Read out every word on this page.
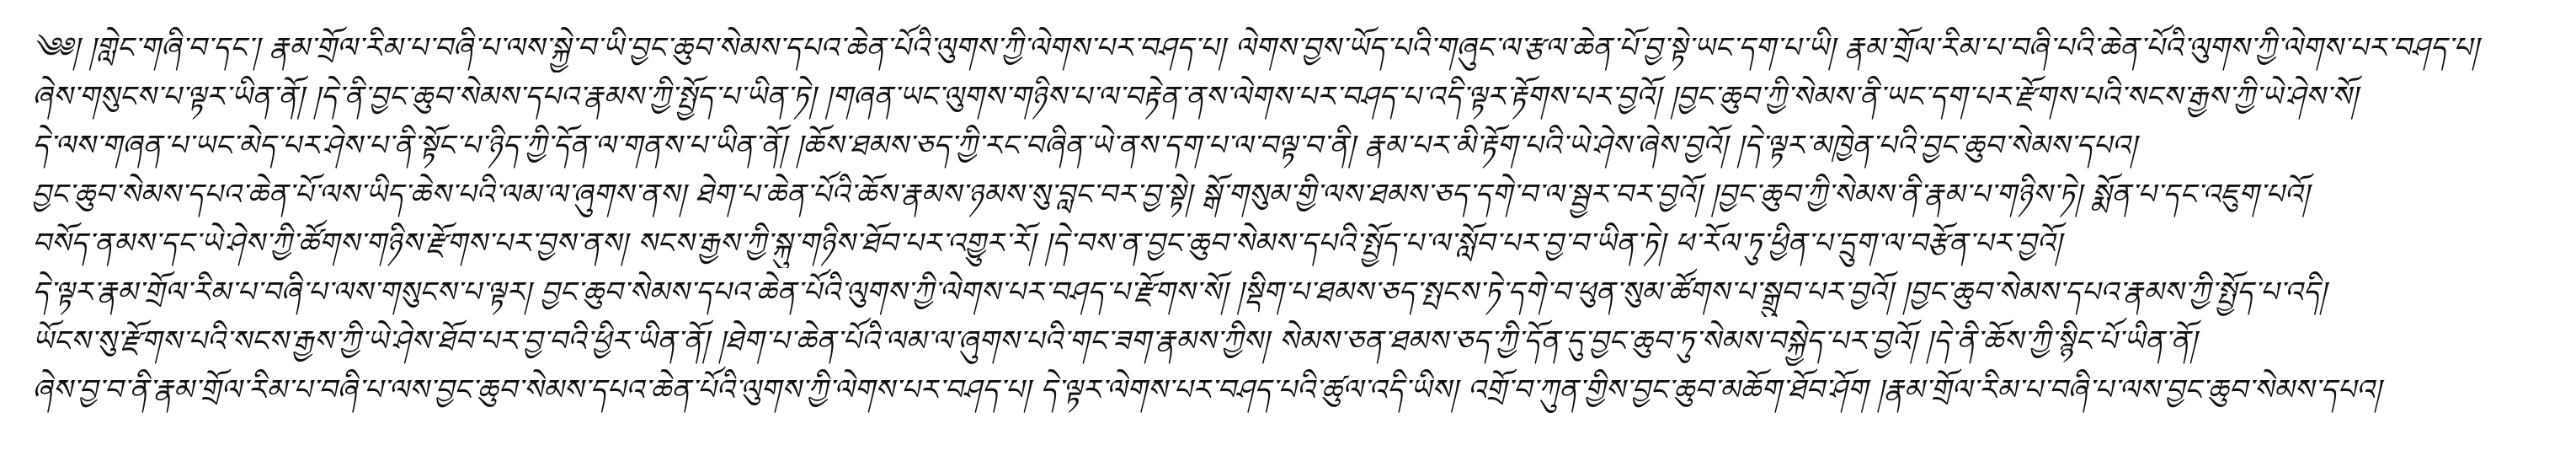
༄༅། །གླེང་གཞི་བ་དང་། རྣམ་གྲོལ་རིམ་པ་བཞི་པ་ལས་སྐྱེ་བ་ཡི་བྱང་ཆུབ་སེམས་དཔའ་ཆེན་པོའི་ལུགས་ཀྱི་ལེགས་པར་བཤད་པ། ལེགས་བྱས་ཡོད་པའི་གཞུང་ལ་རྩལ་ཆེན་པོ་བྱ་སྟེ་ཡང་དག་པ་ཡི། རྣམ་གྲོལ་རིམ་པ་བཞི་པའི་ཆེན་པོའི་ལུགས་ཀྱི་ལེགས་པར་བཤད་པ།
ཞེས་གསུངས་པ་ལྟར་ཡིན་ནོ། །དེ་ནི་བྱང་ཆུབ་སེམས་དཔའ་རྣམས་ཀྱི་སྤྱོད་པ་ཡིན་ཏེ། །གཞན་ཡང་ལུགས་གཉིས་པ་ལ་བརྟེན་ནས་ལེགས་པར་བཤད་པ་འདི་ལྟར་རྟོགས་པར་བྱའོ། །བྱང་ཆུབ་ཀྱི་སེམས་ནི་ཡང་དག་པར་རྫོགས་པའི་སངས་རྒྱས་ཀྱི་ཡེ་ཤེས་སོ།
དེ་ལས་གཞན་པ་ཡང་མེད་པར་ཤེས་པ་ནི་སྟོང་པ་ཉིད་ཀྱི་དོན་ལ་གནས་པ་ཡིན་ནོ། །ཆོས་ཐམས་ཅད་ཀྱི་རང་བཞིན་ཡེ་ནས་དག་པ་ལ་བལྟ་བ་ནི། རྣམ་པར་མི་རྟོག་པའི་ཡེ་ཤེས་ཞེས་བྱའོ། །དེ་ལྟར་མཁྱེན་པའི་བྱང་ཆུབ་སེམས་དཔའ།
བྱང་ཆུབ་སེམས་དཔའ་ཆེན་པོ་ལས་ཡིད་ཆེས་པའི་ལམ་ལ་ཞུགས་ནས། ཐེག་པ་ཆེན་པོའི་ཆོས་རྣམས་ཉམས་སུ་བླང་བར་བྱ་སྟེ། སྒོ་གསུམ་གྱི་ལས་ཐམས་ཅད་དགེ་བ་ལ་སྦྱར་བར་བྱའོ། །བྱང་ཆུབ་ཀྱི་སེམས་ནི་རྣམ་པ་གཉིས་ཏེ། སྨོན་པ་དང་འཇུག་པའོ།
བསོད་ནམས་དང་ཡེ་ཤེས་ཀྱི་ཚོགས་གཉིས་རྫོགས་པར་བྱས་ནས། སངས་རྒྱས་ཀྱི་སྐུ་གཉིས་ཐོབ་པར་འགྱུར་རོ། །དེ་བས་ན་བྱང་ཆུབ་སེམས་དཔའི་སྤྱོད་པ་ལ་སློབ་པར་བྱ་བ་ཡིན་ཏེ། ཕ་རོལ་ཏུ་ཕྱིན་པ་དྲུག་ལ་བརྩོན་པར་བྱའོ།
དེ་ལྟར་རྣམ་གྲོལ་རིམ་པ་བཞི་པ་ལས་གསུངས་པ་ལྟར། བྱང་ཆུབ་སེམས་དཔའ་ཆེན་པོའི་ལུགས་ཀྱི་ལེགས་པར་བཤད་པ་རྫོགས་སོ། །སྡིག་པ་ཐམས་ཅད་སྤངས་ཏེ་དགེ་བ་ཕུན་སུམ་ཚོགས་པ་སྒྲུབ་པར་བྱའོ། །བྱང་ཆུབ་སེམས་དཔའ་རྣམས་ཀྱི་སྤྱོད་པ་འདི།
ཡོངས་སུ་རྫོགས་པའི་སངས་རྒྱས་ཀྱི་ཡེ་ཤེས་ཐོབ་པར་བྱ་བའི་ཕྱིར་ཡིན་ནོ། །ཐེག་པ་ཆེན་པོའི་ལམ་ལ་ཞུགས་པའི་གང་ཟག་རྣམས་ཀྱིས། སེམས་ཅན་ཐམས་ཅད་ཀྱི་དོན་དུ་བྱང་ཆུབ་ཏུ་སེམས་བསྐྱེད་པར་བྱའོ། །དེ་ནི་ཆོས་ཀྱི་སྙིང་པོ་ཡིན་ནོ།
ཞེས་བྱ་བ་ནི་རྣམ་གྲོལ་རིམ་པ་བཞི་པ་ལས་བྱང་ཆུབ་སེམས་དཔའ་ཆེན་པོའི་ལུགས་ཀྱི་ལེགས་པར་བཤད་པ། དེ་ལྟར་ལེགས་པར་བཤད་པའི་ཚུལ་འདི་ཡིས། འགྲོ་བ་ཀུན་གྱིས་བྱང་ཆུབ་མཆོག་ཐོབ་ཤོག །རྣམ་གྲོལ་རིམ་པ་བཞི་པ་ལས་བྱང་ཆུབ་སེམས་དཔའ།
